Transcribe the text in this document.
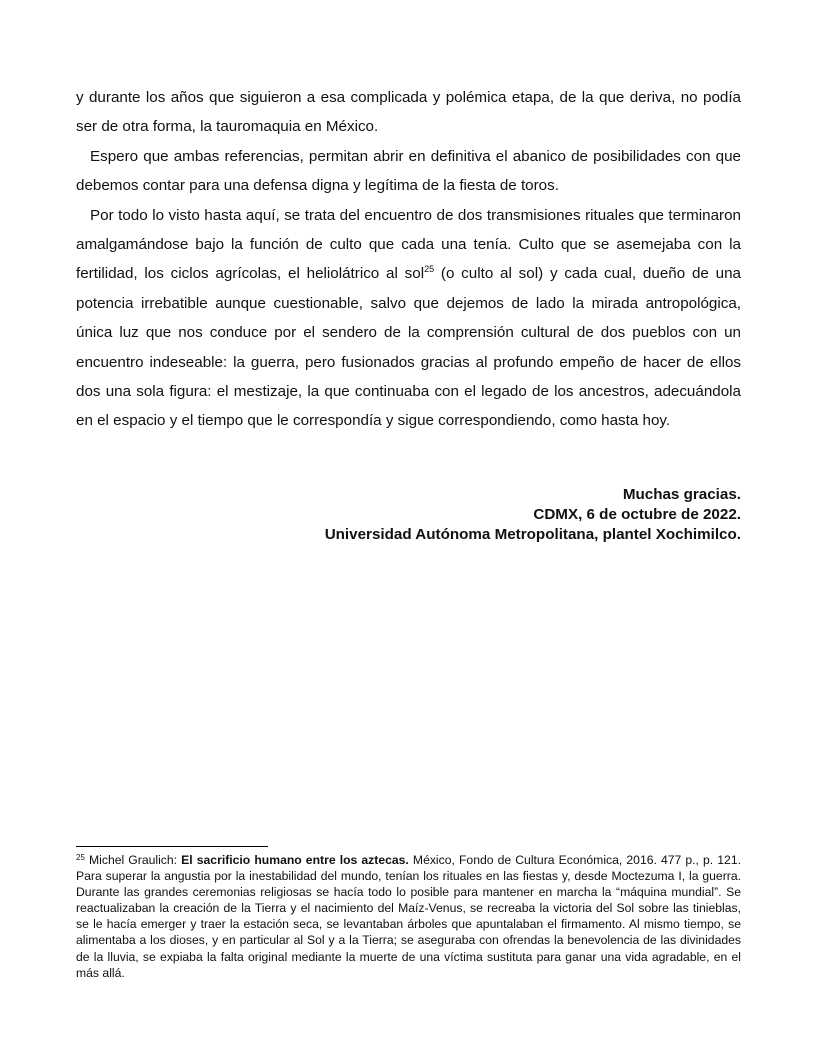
y durante los años que siguieron a esa complicada y polémica etapa, de la que deriva, no podía ser de otra forma, la tauromaquia en México.

Espero que ambas referencias, permitan abrir en definitiva el abanico de posibilidades con que debemos contar para una defensa digna y legítima de la fiesta de toros.

Por todo lo visto hasta aquí, se trata del encuentro de dos transmisiones rituales que terminaron amalgamándose bajo la función de culto que cada una tenía. Culto que se asemejaba con la fertilidad, los ciclos agrícolas, el heliolátrico al sol$^{25}$ (o culto al sol) y cada cual, dueño de una potencia irrebatible aunque cuestionable, salvo que dejemos de lado la mirada antropológica, única luz que nos conduce por el sendero de la comprensión cultural de dos pueblos con un encuentro indeseable: la guerra, pero fusionados gracias al profundo empeño de hacer de ellos dos una sola figura: el mestizaje, la que continuaba con el legado de los ancestros, adecuándola en el espacio y el tiempo que le correspondía y sigue correspondiendo, como hasta hoy.

Muchas gracias.
CDMX, 6 de octubre de 2022.
Universidad Autónoma Metropolitana, plantel Xochimilco.
$^{25}$ Michel Graulich: El sacrificio humano entre los aztecas. México, Fondo de Cultura Económica, 2016. 477 p., p. 121. Para superar la angustia por la inestabilidad del mundo, tenían los rituales en las fiestas y, desde Moctezuma I, la guerra. Durante las grandes ceremonias religiosas se hacía todo lo posible para mantener en marcha la “máquina mundial”. Se reactualizaban la creación de la Tierra y el nacimiento del Maíz-Venus, se recreaba la victoria del Sol sobre las tinieblas, se le hacía emerger y traer la estación seca, se levantaban árboles que apuntalaban el firmamento. Al mismo tiempo, se alimentaba a los dioses, y en particular al Sol y a la Tierra; se aseguraba con ofrendas la benevolencia de las divinidades de la lluvia, se expiaba la falta original mediante la muerte de una víctima sustituta para ganar una vida agradable, en el más allá.
